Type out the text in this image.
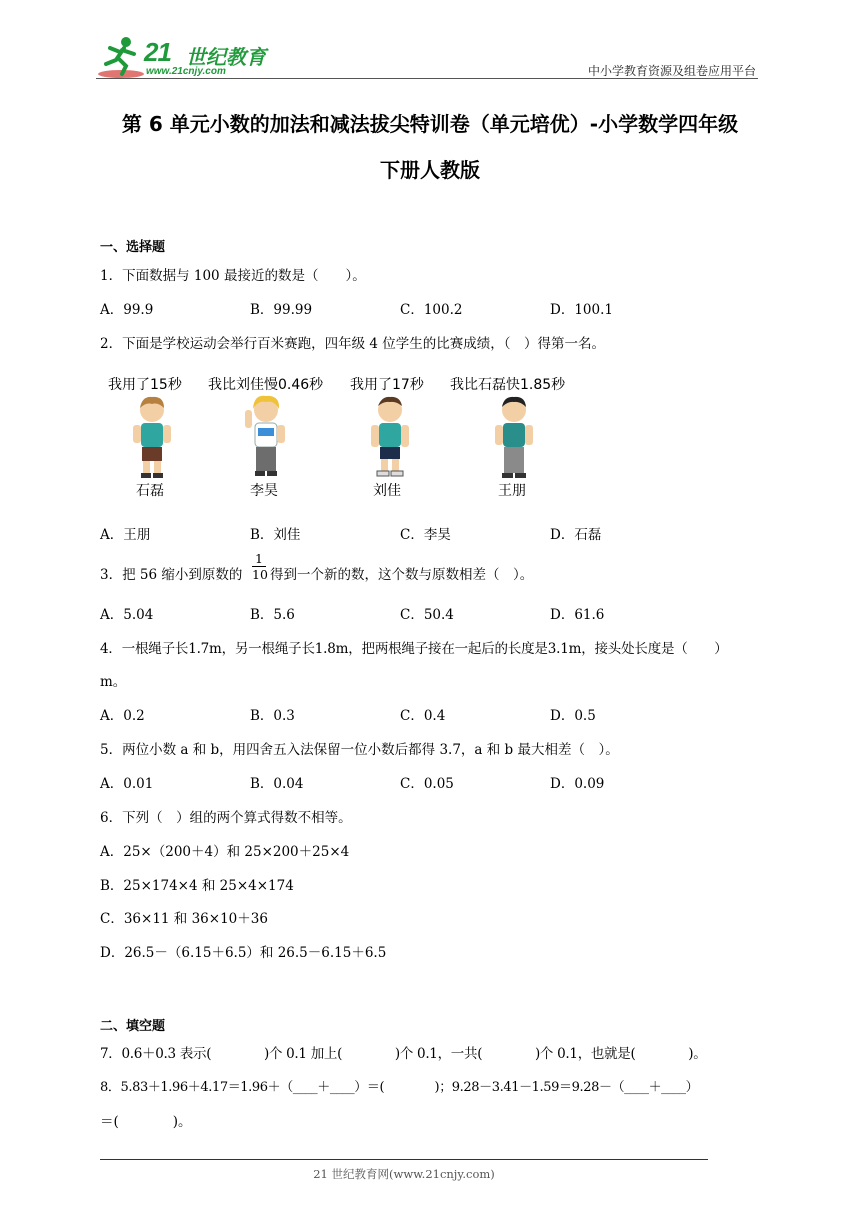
21 世纪教育
www.21cnjy.com	中小学教育资源及组卷应用平台
第 6 单元小数的加法和减法拔尖特训卷（单元培优）-小学数学四年级
下册人教版
一、选择题
1．下面数据与 100 最接近的数是（　　）。
A．99.9	B．99.99	C．100.2	D．100.1
2．下面是学校运动会举行百米赛跑，四年级 4 位学生的比赛成绩，（　）得第一名。
我用了15秒 我比刘佳慢0.46秒 我用了17秒 我比石磊快1.85秒
石磊	李昊	刘佳	王朋
A．王朋	B．刘佳	C．李昊	D．石磊
3．把 56 缩小到原数的 $\frac{1}{10}$ 得到一个新的数，这个数与原数相差（　）。
A．5.04	B．5.6	C．50.4	D．61.6
4．一根绳子长1.7m，另一根绳子长1.8m，把两根绳子接在一起后的长度是3.1m，接头处长度是（　　）
m。
A．0.2	B．0.3	C．0.4	D．0.5
5．两位小数 a 和 b，用四舍五入法保留一位小数后都得 3.7，a 和 b 最大相差（　）。
A．0.01	B．0.04	C．0.05	D．0.09
6．下列（　）组的两个算式得数不相等。
A．25×（200＋4）和 25×200＋25×4
B．25×174×4 和 25×4×174
C．36×11 和 36×10＋36
D．26.5－（6.15＋6.5）和 26.5－6.15＋6.5
二、填空题
7．0.6＋0.3 表示(　　　　)个 0.1 加上(　　　　)个 0.1，一共(　　　　)个 0.1，也就是(　　　　)。
8．5.83＋1.96＋4.17＝1.96＋（____＋____）＝(　　　　)；9.28－3.41－1.59＝9.28－（____＋____）
＝(　　　　)。
21 世纪教育网(www.21cnjy.com)
